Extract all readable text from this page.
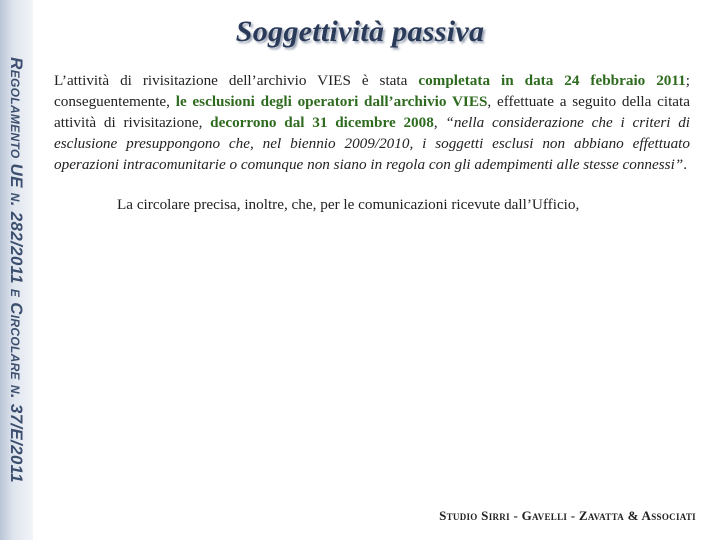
Regolamento UE n. 282/2011 e Circolare n. 37/E/2011
Soggettività passiva

L’attività di rivisitazione dell’archivio VIES è stata completata in data 24 febbraio 2011; conseguentemente, le esclusioni degli operatori dall’archivio VIES, effettuate a seguito della citata attività di rivisitazione, decorrono dal 31 dicembre 2008, “nella considerazione che i criteri di esclusione presuppongono che, nel biennio 2009/2010, i soggetti esclusi non abbiano effettuato operazioni intracomunitarie o comunque non siano in regola con gli adempimenti alle stesse connessi”.

La circolare precisa, inoltre, che, per le comunicazioni ricevute dall’Ufficio,

Studio Sirri - Gavelli - Zavatta & Associati
